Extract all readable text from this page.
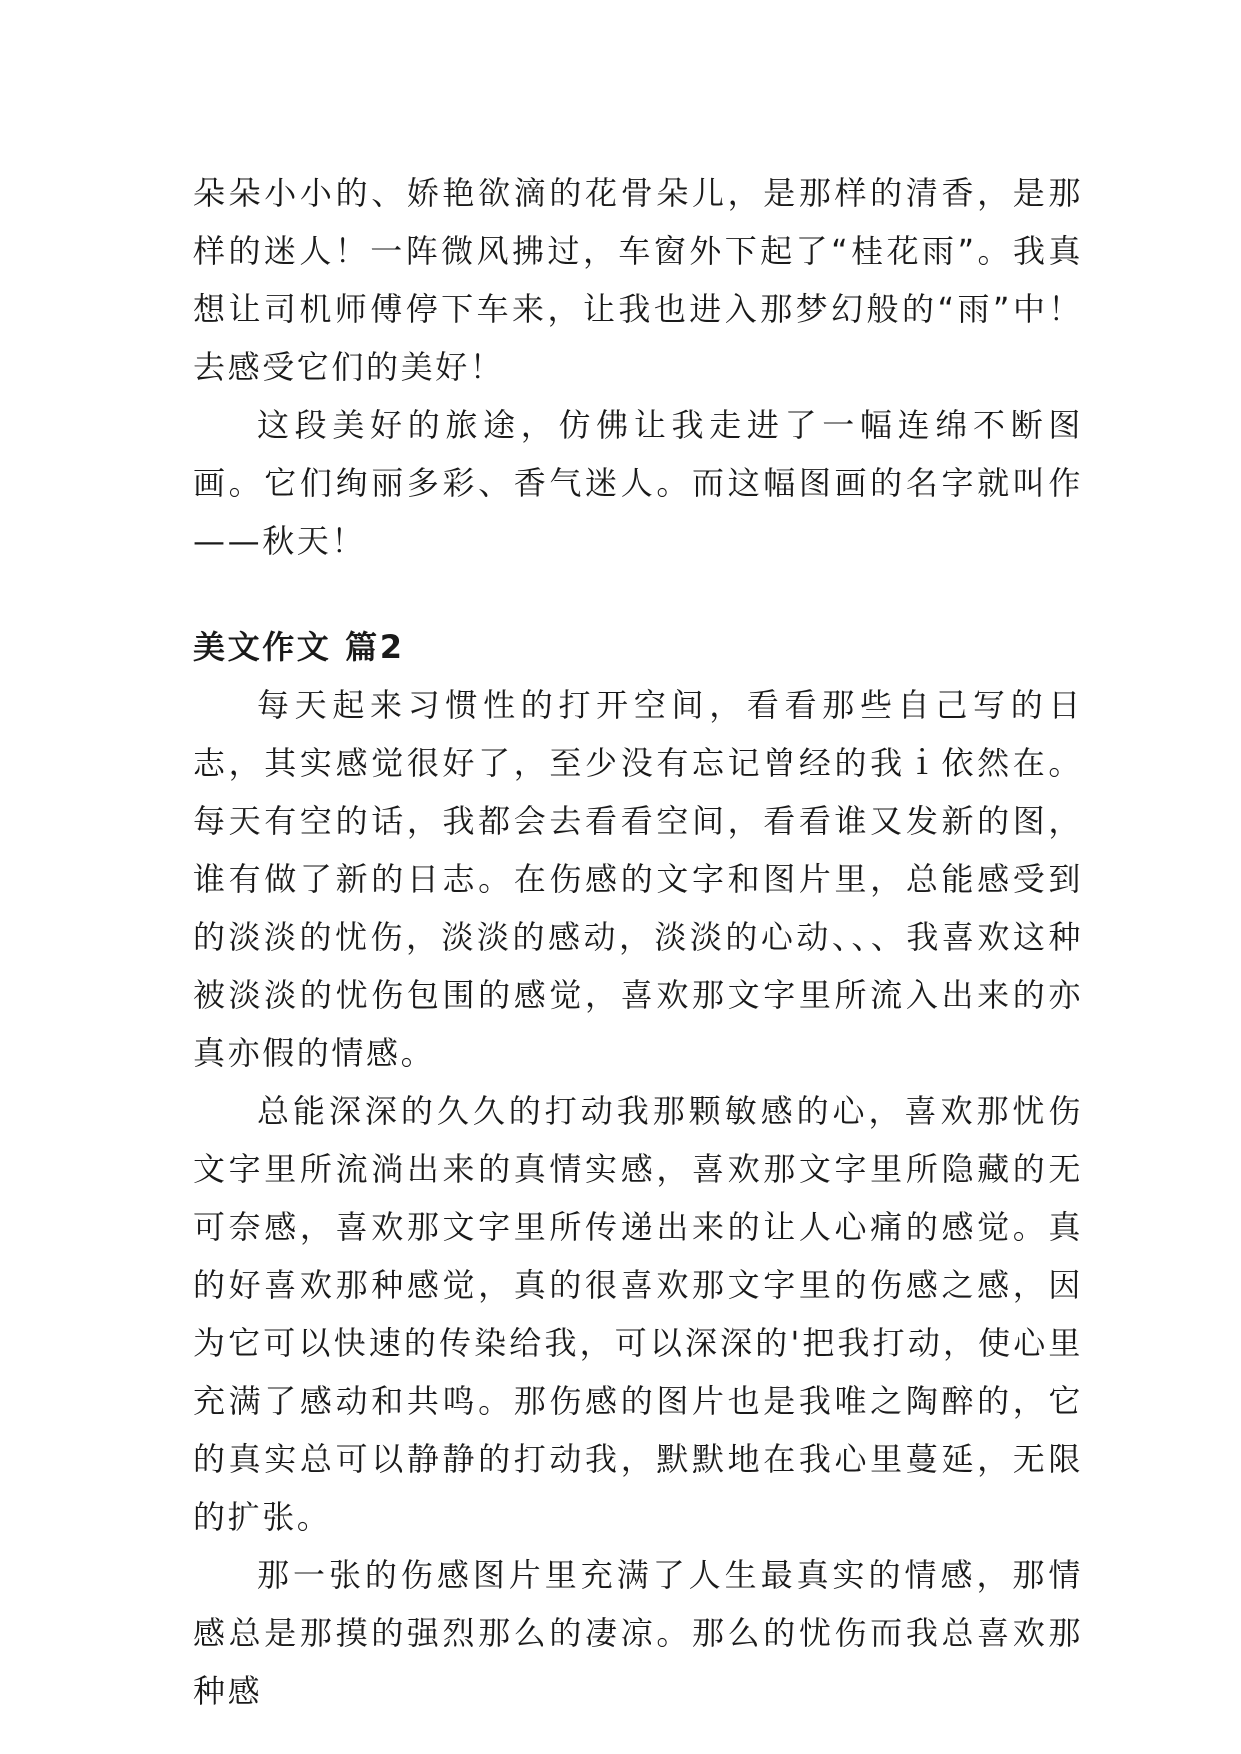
朵朵小小的、娇艳欲滴的花骨朵儿，是那样的清香，是那样的迷人！一阵微风拂过，车窗外下起了“桂花雨”。我真想让司机师傅停下车来，让我也进入那梦幻般的“雨”中！去感受它们的美好！

这段美好的旅途，仿佛让我走进了一幅连绵不断图画。它们绚丽多彩、香气迷人。而这幅图画的名字就叫作——秋天！

美文作文 篇2

每天起来习惯性的打开空间，看看那些自己写的日志，其实感觉很好了，至少没有忘记曾经的我ｉ依然在。每天有空的话，我都会去看看空间，看看谁又发新的图，谁有做了新的日志。在伤感的文字和图片里，总能感受到的淡淡的忧伤，淡淡的感动，淡淡的心动、、、我喜欢这种被淡淡的忧伤包围的感觉，喜欢那文字里所流入出来的亦真亦假的情感。

总能深深的久久的打动我那颗敏感的心，喜欢那忧伤文字里所流淌出来的真情实感，喜欢那文字里所隐藏的无可奈感，喜欢那文字里所传递出来的让人心痛的感觉。真的好喜欢那种感觉，真的很喜欢那文字里的伤感之感，因为它可以快速的传染给我，可以深深的'把我打动，使心里充满了感动和共鸣。那伤感的图片也是我唯之陶醉的，它的真实总可以静静的打动我，默默地在我心里蔓延，无限的扩张。

那一张的伤感图片里充满了人生最真实的情感，那情感总是那摸的强烈那么的凄凉。那么的忧伤而我总喜欢那种感
